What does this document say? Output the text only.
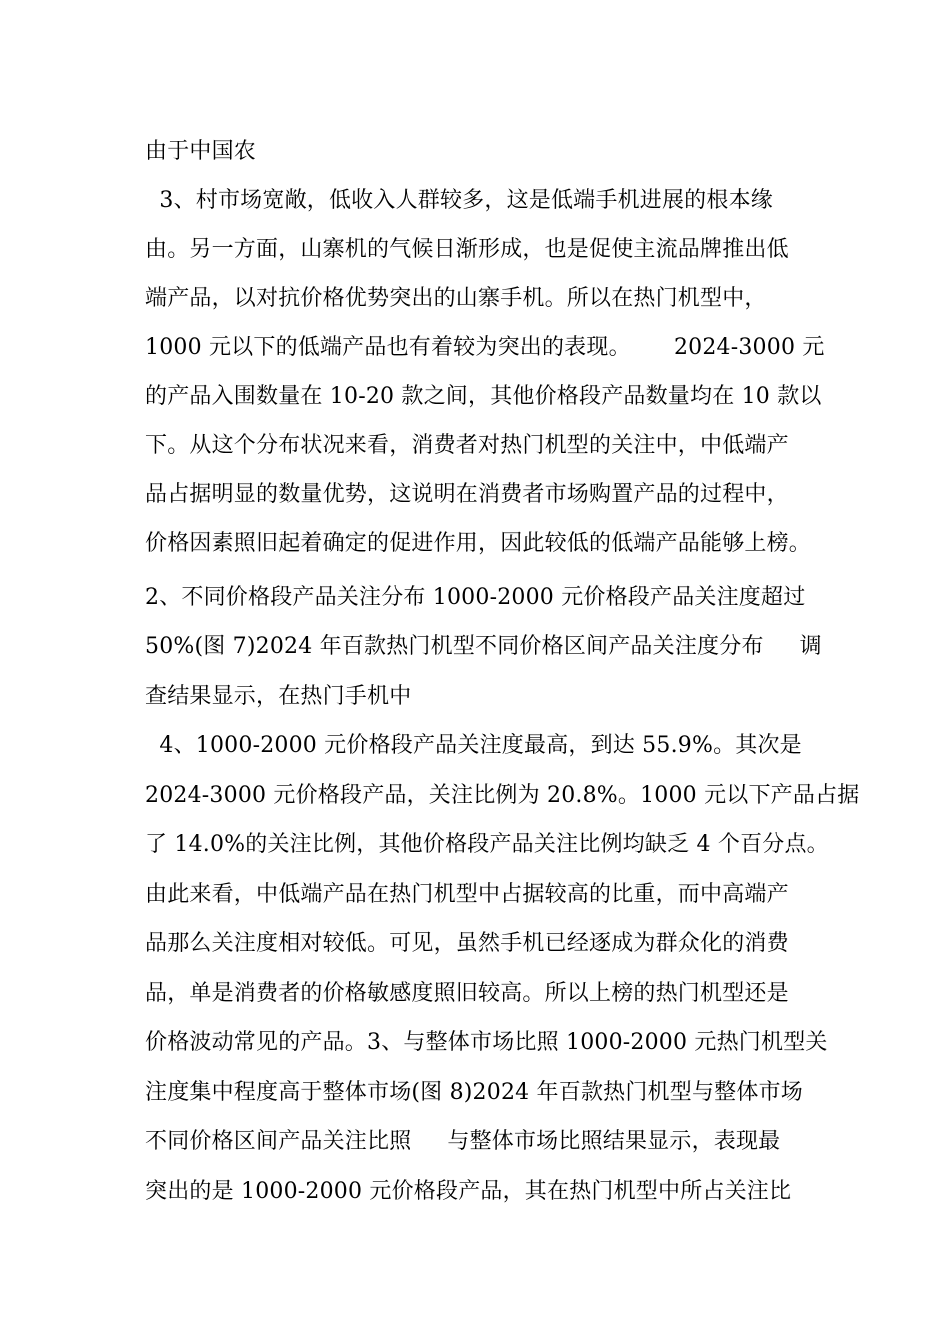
由于中国农
3、村市场宽敞，低收入人群较多，这是低端手机进展的根本缘
由。另一方面，山寨机的气候日渐形成，也是促使主流品牌推出低
端产品，以对抗价格优势突出的山寨手机。所以在热门机型中，
1000 元以下的低端产品也有着较为突出的表现。      2024-3000 元
的产品入围数量在 10-20 款之间，其他价格段产品数量均在 10 款以
下。从这个分布状况来看，消费者对热门机型的关注中，中低端产
品占据明显的数量优势，这说明在消费者市场购置产品的过程中，
价格因素照旧起着确定的促进作用，因此较低的低端产品能够上榜。
2、不同价格段产品关注分布 1000-2000 元价格段产品关注度超过
50%(图 7)2024 年百款热门机型不同价格区间产品关注度分布     调
查结果显示，在热门手机中
4、1000-2000 元价格段产品关注度最高，到达 55.9%。其次是
2024-3000 元价格段产品，关注比例为 20.8%。1000 元以下产品占据
了 14.0%的关注比例，其他价格段产品关注比例均缺乏 4 个百分点。
由此来看，中低端产品在热门机型中占据较高的比重，而中高端产
品那么关注度相对较低。可见，虽然手机已经逐成为群众化的消费
品，单是消费者的价格敏感度照旧较高。所以上榜的热门机型还是
价格波动常见的产品。3、与整体市场比照 1000-2000 元热门机型关
注度集中程度高于整体市场(图 8)2024 年百款热门机型与整体市场
不同价格区间产品关注比照     与整体市场比照结果显示，表现最
突出的是 1000-2000 元价格段产品，其在热门机型中所占关注比
